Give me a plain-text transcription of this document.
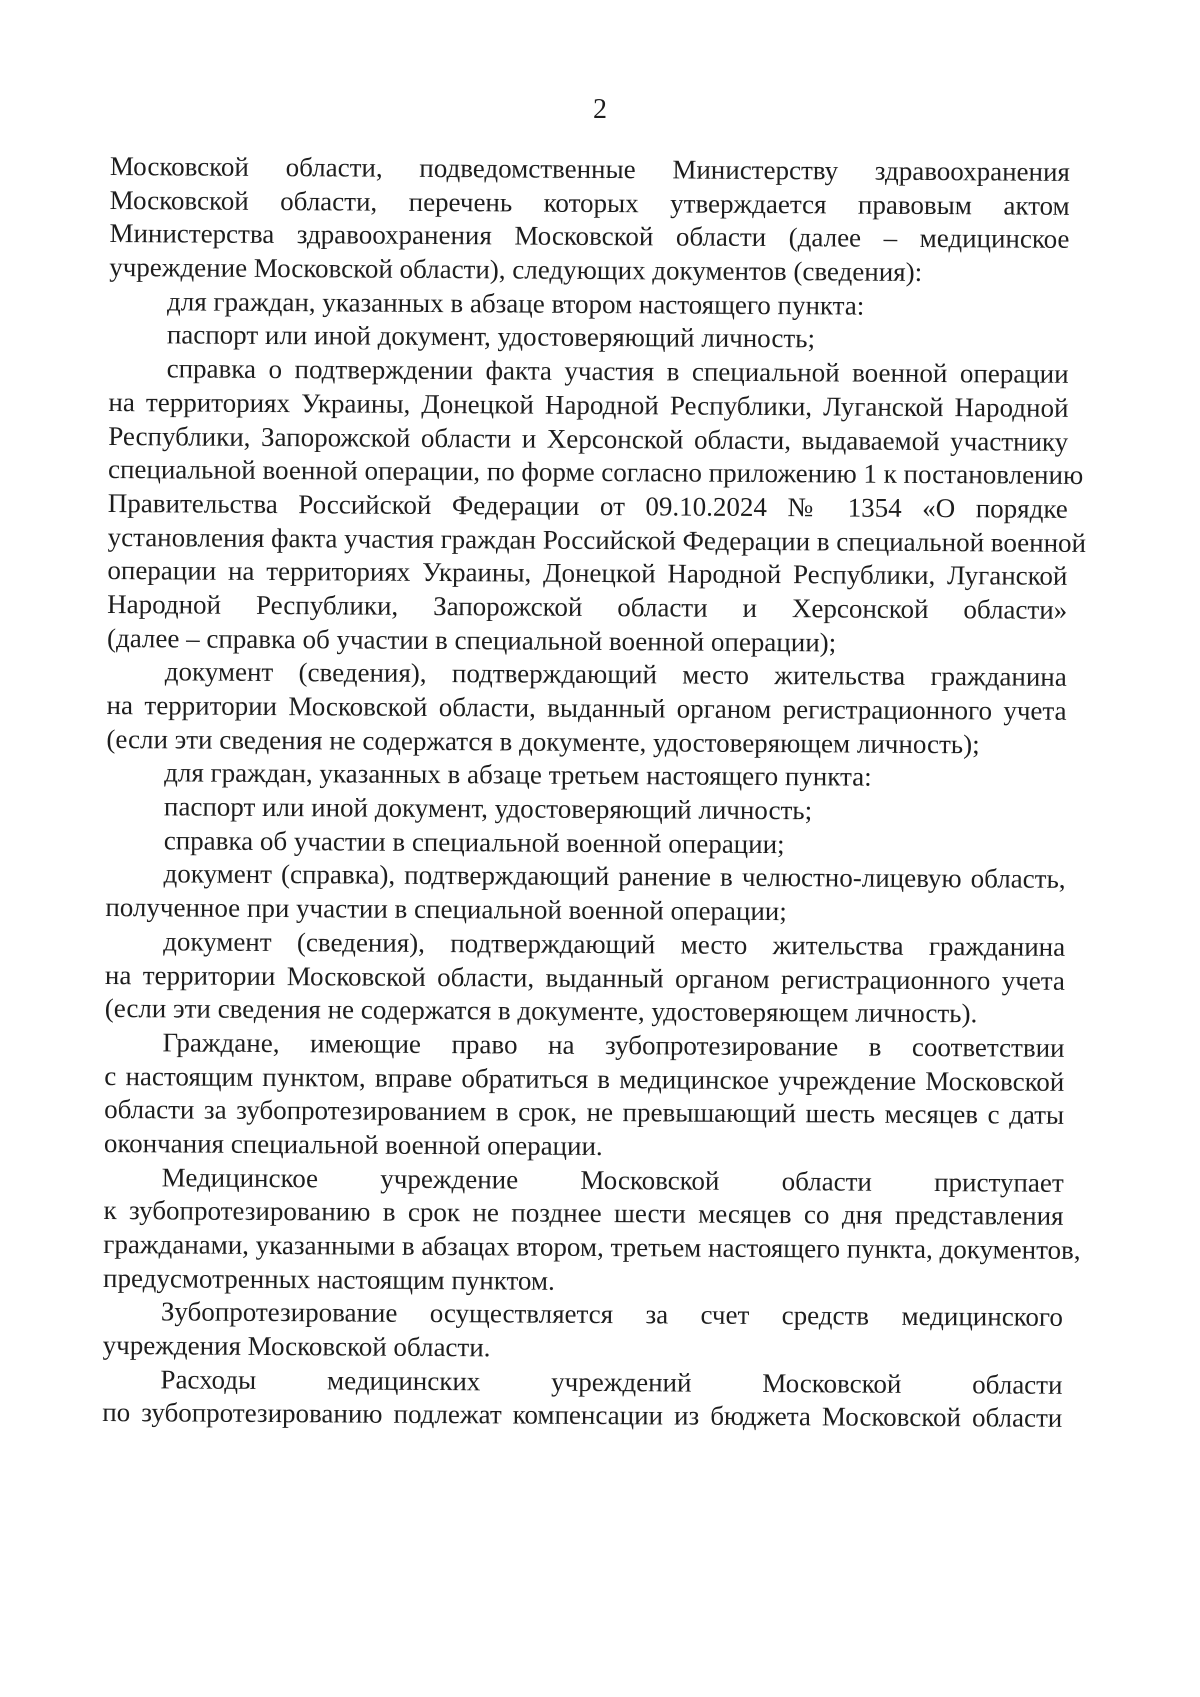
2
Московской области, подведомственные Министерству здравоохранения
Московской области, перечень которых утверждается правовым актом
Министерства здравоохранения Московской области (далее – медицинское
учреждение Московской области), следующих документов (сведения):
для граждан, указанных в абзаце втором настоящего пункта:
паспорт или иной документ, удостоверяющий личность;
справка о подтверждении факта участия в специальной военной операции
на территориях Украины, Донецкой Народной Республики, Луганской Народной
Республики, Запорожской области и Херсонской области, выдаваемой участнику
специальной военной операции, по форме согласно приложению 1 к постановлению
Правительства Российской Федерации от 09.10.2024 № 1354 «О порядке
установления факта участия граждан Российской Федерации в специальной военной
операции на территориях Украины, Донецкой Народной Республики, Луганской
Народной Республики, Запорожской области и Херсонской области»
(далее – справка об участии в специальной военной операции);
документ (сведения), подтверждающий место жительства гражданина
на территории Московской области, выданный органом регистрационного учета
(если эти сведения не содержатся в документе, удостоверяющем личность);
для граждан, указанных в абзаце третьем настоящего пункта:
паспорт или иной документ, удостоверяющий личность;
справка об участии в специальной военной операции;
документ (справка), подтверждающий ранение в челюстно-лицевую область,
полученное при участии в специальной военной операции;
документ (сведения), подтверждающий место жительства гражданина
на территории Московской области, выданный органом регистрационного учета
(если эти сведения не содержатся в документе, удостоверяющем личность).
Граждане, имеющие право на зубопротезирование в соответствии
с настоящим пунктом, вправе обратиться в медицинское учреждение Московской
области за зубопротезированием в срок, не превышающий шесть месяцев с даты
окончания специальной военной операции.
Медицинское учреждение Московской области приступает
к зубопротезированию в срок не позднее шести месяцев со дня представления
гражданами, указанными в абзацах втором, третьем настоящего пункта, документов,
предусмотренных настоящим пунктом.
Зубопротезирование осуществляется за счет средств медицинского
учреждения Московской области.
Расходы медицинских учреждений Московской области
по зубопротезированию подлежат компенсации из бюджета Московской области
